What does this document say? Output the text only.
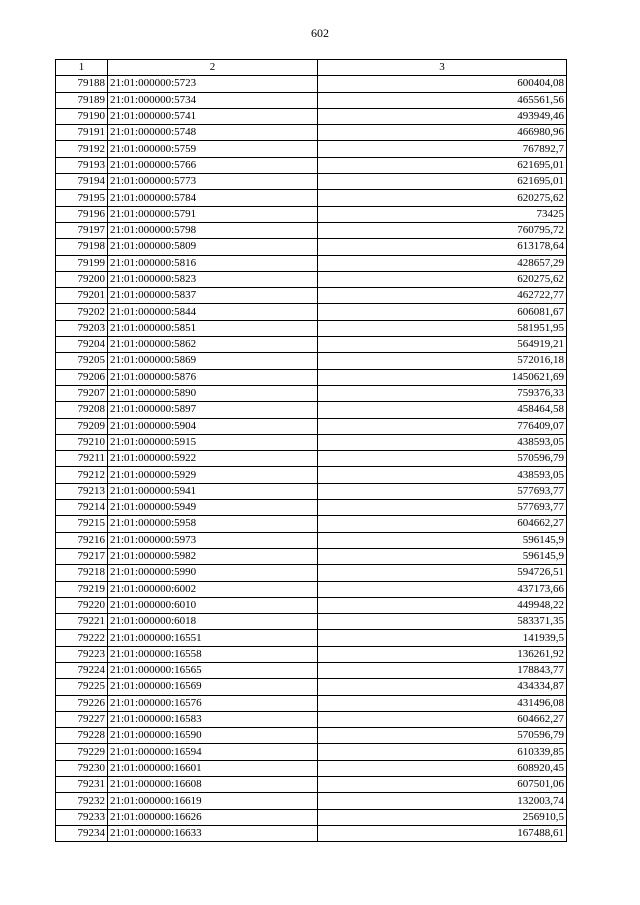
602
1	2	3
79188	21:01:000000:5723	600404,08
79189	21:01:000000:5734	465561,56
79190	21:01:000000:5741	493949,46
79191	21:01:000000:5748	466980,96
79192	21:01:000000:5759	767892,7
79193	21:01:000000:5766	621695,01
79194	21:01:000000:5773	621695,01
79195	21:01:000000:5784	620275,62
79196	21:01:000000:5791	73425
79197	21:01:000000:5798	760795,72
79198	21:01:000000:5809	613178,64
79199	21:01:000000:5816	428657,29
79200	21:01:000000:5823	620275,62
79201	21:01:000000:5837	462722,77
79202	21:01:000000:5844	606081,67
79203	21:01:000000:5851	581951,95
79204	21:01:000000:5862	564919,21
79205	21:01:000000:5869	572016,18
79206	21:01:000000:5876	1450621,69
79207	21:01:000000:5890	759376,33
79208	21:01:000000:5897	458464,58
79209	21:01:000000:5904	776409,07
79210	21:01:000000:5915	438593,05
79211	21:01:000000:5922	570596,79
79212	21:01:000000:5929	438593,05
79213	21:01:000000:5941	577693,77
79214	21:01:000000:5949	577693,77
79215	21:01:000000:5958	604662,27
79216	21:01:000000:5973	596145,9
79217	21:01:000000:5982	596145,9
79218	21:01:000000:5990	594726,51
79219	21:01:000000:6002	437173,66
79220	21:01:000000:6010	449948,22
79221	21:01:000000:6018	583371,35
79222	21:01:000000:16551	141939,5
79223	21:01:000000:16558	136261,92
79224	21:01:000000:16565	178843,77
79225	21:01:000000:16569	434334,87
79226	21:01:000000:16576	431496,08
79227	21:01:000000:16583	604662,27
79228	21:01:000000:16590	570596,79
79229	21:01:000000:16594	610339,85
79230	21:01:000000:16601	608920,45
79231	21:01:000000:16608	607501,06
79232	21:01:000000:16619	132003,74
79233	21:01:000000:16626	256910,5
79234	21:01:000000:16633	167488,61
